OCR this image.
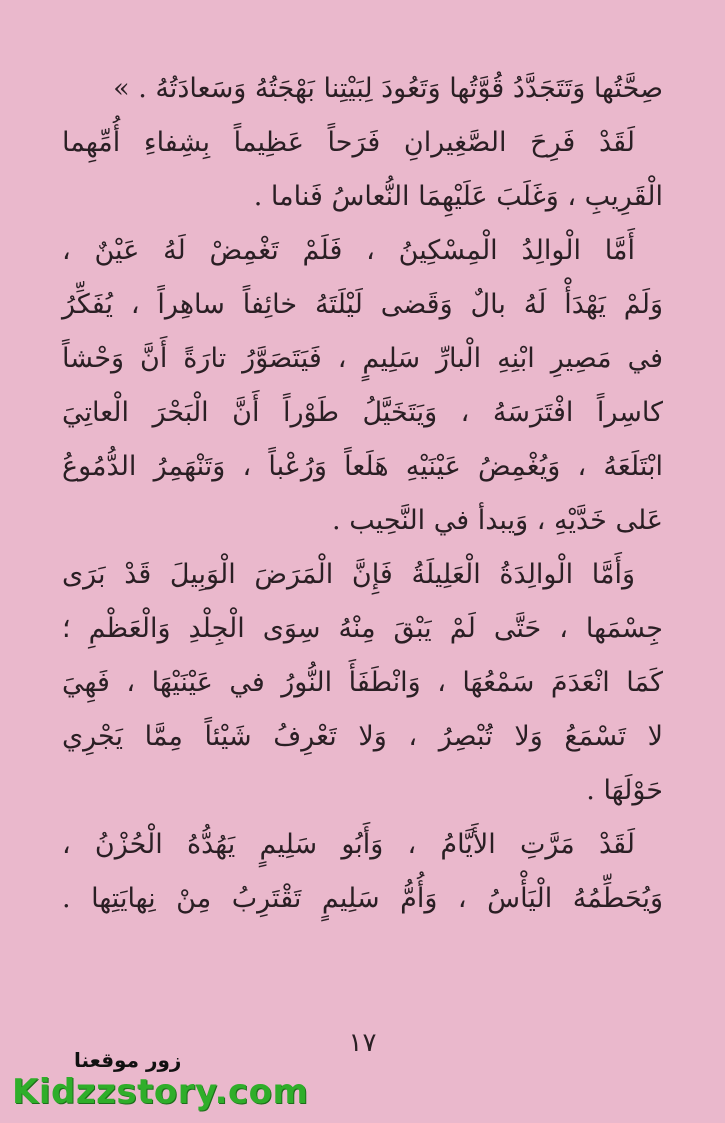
صِحَّتُها وَتَتَجَدَّدُ قُوَّتُها وَتَعُودَ لِبَيْتِنا بَهْجَتُهُ وَسَعادَتُهُ . »
لَقَدْ فَرِحَ الصَّغِيرانِ فَرَحاً عَظِيماً بِشِفاءِ أُمِّهِما
الْقَرِيبِ ، وَغَلَبَ عَلَيْهِمَا النُّعاسُ فَناما .
أَمَّا الْوالِدُ الْمِسْكِينُ ، فَلَمْ تَغْمِضْ لَهُ عَيْنٌ ،
وَلَمْ يَهْدَأْ لَهُ بالٌ وَقَضى لَيْلَتَهُ خائِفاً ساهِراً ، يُفَكِّرُ
في مَصِيرِ ابْنِهِ الْبارِّ سَلِيمٍ ، فَيَتَصَوَّرُ تارَةً أَنَّ وَحْشاً
كاسِراً افْتَرَسَهُ ، وَيَتَخَيَّلُ طَوْراً أَنَّ الْبَحْرَ الْعاتِيَ
ابْتَلَعَهُ ، وَيُغْمِضُ عَيْنَيْهِ هَلَعاً وَرُعْباً ، وَتَنْهَمِرُ الدُّمُوعُ
عَلى خَدَّيْهِ ، وَيبدأ في النَّحِيب .
وَأَمَّا الْوالِدَةُ الْعَلِيلَةُ فَإِنَّ الْمَرَضَ الْوَبِيلَ قَدْ بَرَى
جِسْمَها ، حَتَّى لَمْ يَبْقَ مِنْهُ سِوَى الْجِلْدِ وَالْعَظْمِ ؛
كَمَا انْعَدَمَ سَمْعُهَا ، وَانْطَفَأَ النُّورُ في عَيْنَيْهَا ، فَهِيَ
لا تَسْمَعُ وَلا تُبْصِرُ ، وَلا تَعْرِفُ شَيْئاً مِمَّا يَجْرِي
حَوْلَهَا .
لَقَدْ مَرَّتِ الأَيَّامُ ، وَأَبُو سَلِيمٍ يَهُدُّهُ الْحُزْنُ ،
وَيُحَطِّمُهُ الْيَأْسُ ، وَأُمُّ سَلِيمٍ تَقْتَرِبُ مِنْ نِهايَتِها .
١٧
زور موقعنا
Kidzzstory.com
